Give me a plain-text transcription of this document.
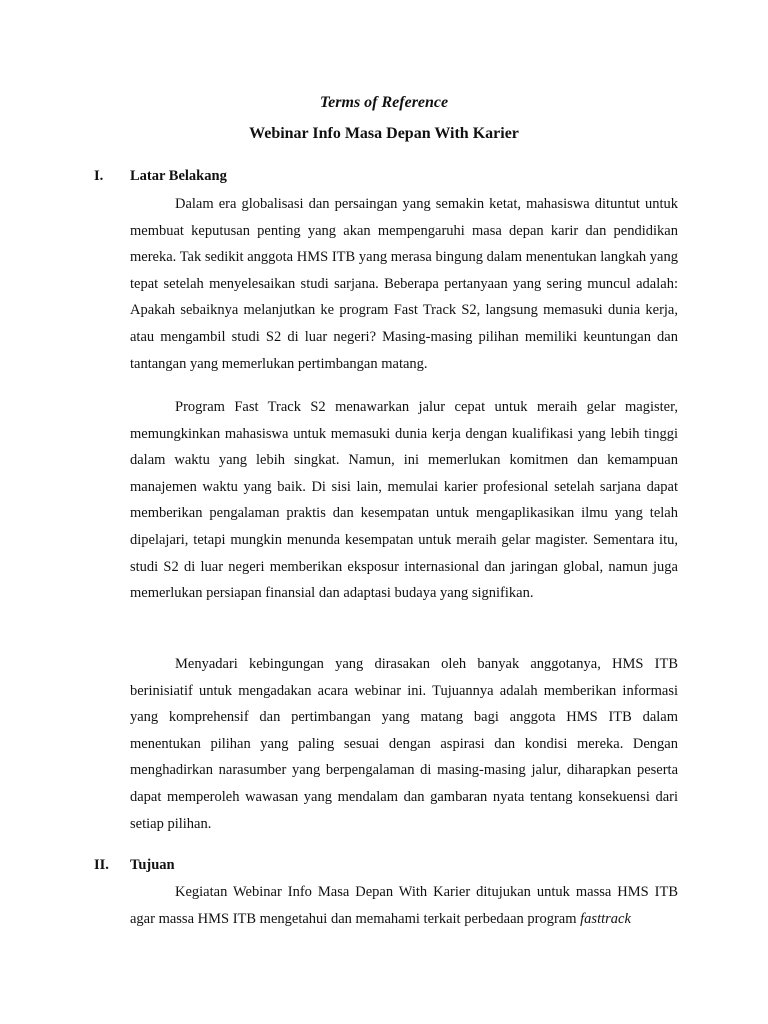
Terms of Reference
Webinar Info Masa Depan With Karier
I. Latar Belakang

Dalam era globalisasi dan persaingan yang semakin ketat, mahasiswa dituntut untuk membuat keputusan penting yang akan mempengaruhi masa depan karir dan pendidikan mereka. Tak sedikit anggota HMS ITB yang merasa bingung dalam menentukan langkah yang tepat setelah menyelesaikan studi sarjana. Beberapa pertanyaan yang sering muncul adalah: Apakah sebaiknya melanjutkan ke program Fast Track S2, langsung memasuki dunia kerja, atau mengambil studi S2 di luar negeri? Masing-masing pilihan memiliki keuntungan dan tantangan yang memerlukan pertimbangan matang.

Program Fast Track S2 menawarkan jalur cepat untuk meraih gelar magister, memungkinkan mahasiswa untuk memasuki dunia kerja dengan kualifikasi yang lebih tinggi dalam waktu yang lebih singkat. Namun, ini memerlukan komitmen dan kemampuan manajemen waktu yang baik. Di sisi lain, memulai karier profesional setelah sarjana dapat memberikan pengalaman praktis dan kesempatan untuk mengaplikasikan ilmu yang telah dipelajari, tetapi mungkin menunda kesempatan untuk meraih gelar magister. Sementara itu, studi S2 di luar negeri memberikan eksposur internasional dan jaringan global, namun juga memerlukan persiapan finansial dan adaptasi budaya yang signifikan.

Menyadari kebingungan yang dirasakan oleh banyak anggotanya, HMS ITB berinisiatif untuk mengadakan acara webinar ini. Tujuannya adalah memberikan informasi yang komprehensif dan pertimbangan yang matang bagi anggota HMS ITB dalam menentukan pilihan yang paling sesuai dengan aspirasi dan kondisi mereka. Dengan menghadirkan narasumber yang berpengalaman di masing-masing jalur, diharapkan peserta dapat memperoleh wawasan yang mendalam dan gambaran nyata tentang konsekuensi dari setiap pilihan.

II. Tujuan

Kegiatan Webinar Info Masa Depan With Karier ditujukan untuk massa HMS ITB agar massa HMS ITB mengetahui dan memahami terkait perbedaan program fasttrack
